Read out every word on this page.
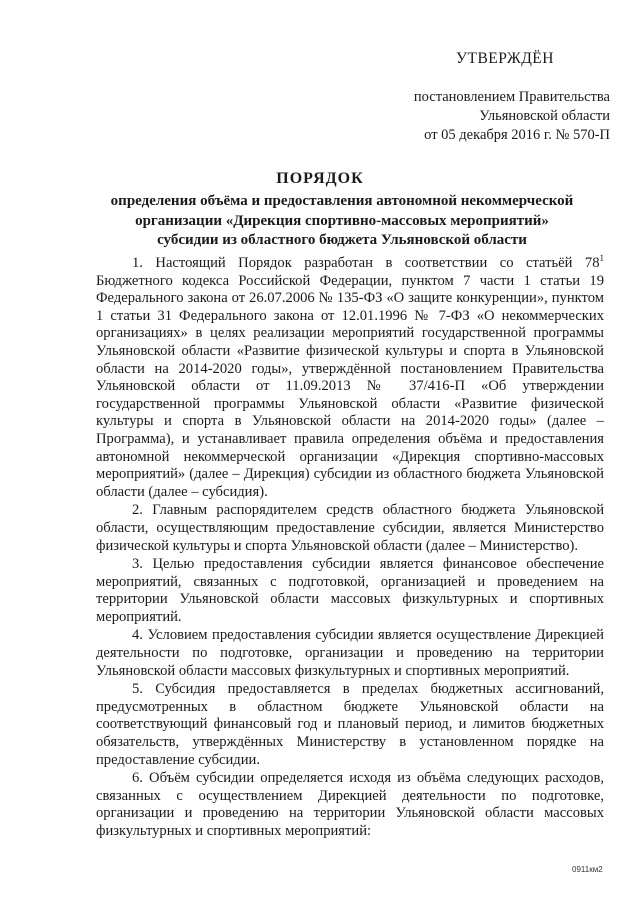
УТВЕРЖДЁН
постановлением Правительства
Ульяновской области
от 05 декабря 2016 г. № 570-П
ПОРЯДОК
определения объёма и предоставления автономной некоммерческой
организации «Дирекция спортивно-массовых мероприятий»
субсидии из областного бюджета Ульяновской области

1. Настоящий Порядок разработан в соответствии со статьёй $78^1$ Бюджетного кодекса Российской Федерации, пунктом 7 части 1 статьи 19 Федерального закона от 26.07.2006 № 135-ФЗ «О защите конкуренции», пунктом 1 статьи 31 Федерального закона от 12.01.1996 № 7-ФЗ «О некоммерческих организациях» в целях реализации мероприятий государственной программы Ульяновской области «Развитие физической культуры и спорта в Ульяновской области на 2014-2020 годы», утверждённой постановлением Правительства Ульяновской области от 11.09.2013 № 37/416-П «Об утверждении государственной программы Ульяновской области «Развитие физической культуры и спорта в Ульяновской области на 2014-2020 годы» (далее – Программа), и устанавливает правила определения объёма и предоставления автономной некоммерческой организации «Дирекция спортивно-массовых мероприятий» (далее – Дирекция) субсидии из областного бюджета Ульяновской области (далее – субсидия).

2. Главным распорядителем средств областного бюджета Ульяновской области, осуществляющим предоставление субсидии, является Министерство физической культуры и спорта Ульяновской области (далее – Министерство).

3. Целью предоставления субсидии является финансовое обеспечение мероприятий, связанных с подготовкой, организацией и проведением на территории Ульяновской области массовых физкультурных и спортивных мероприятий.

4. Условием предоставления субсидии является осуществление Дирекцией деятельности по подготовке, организации и проведению на территории Ульяновской области массовых физкультурных и спортивных мероприятий.

5. Субсидия предоставляется в пределах бюджетных ассигнований, предусмотренных в областном бюджете Ульяновской области на соответствующий финансовый год и плановый период, и лимитов бюджетных обязательств, утверждённых Министерству в установленном порядке на предоставление субсидии.

6. Объём субсидии определяется исходя из объёма следующих расходов, связанных с осуществлением Дирекцией деятельности по подготовке, организации и проведению на территории Ульяновской области массовых физкультурных и спортивных мероприятий:

0911км2
